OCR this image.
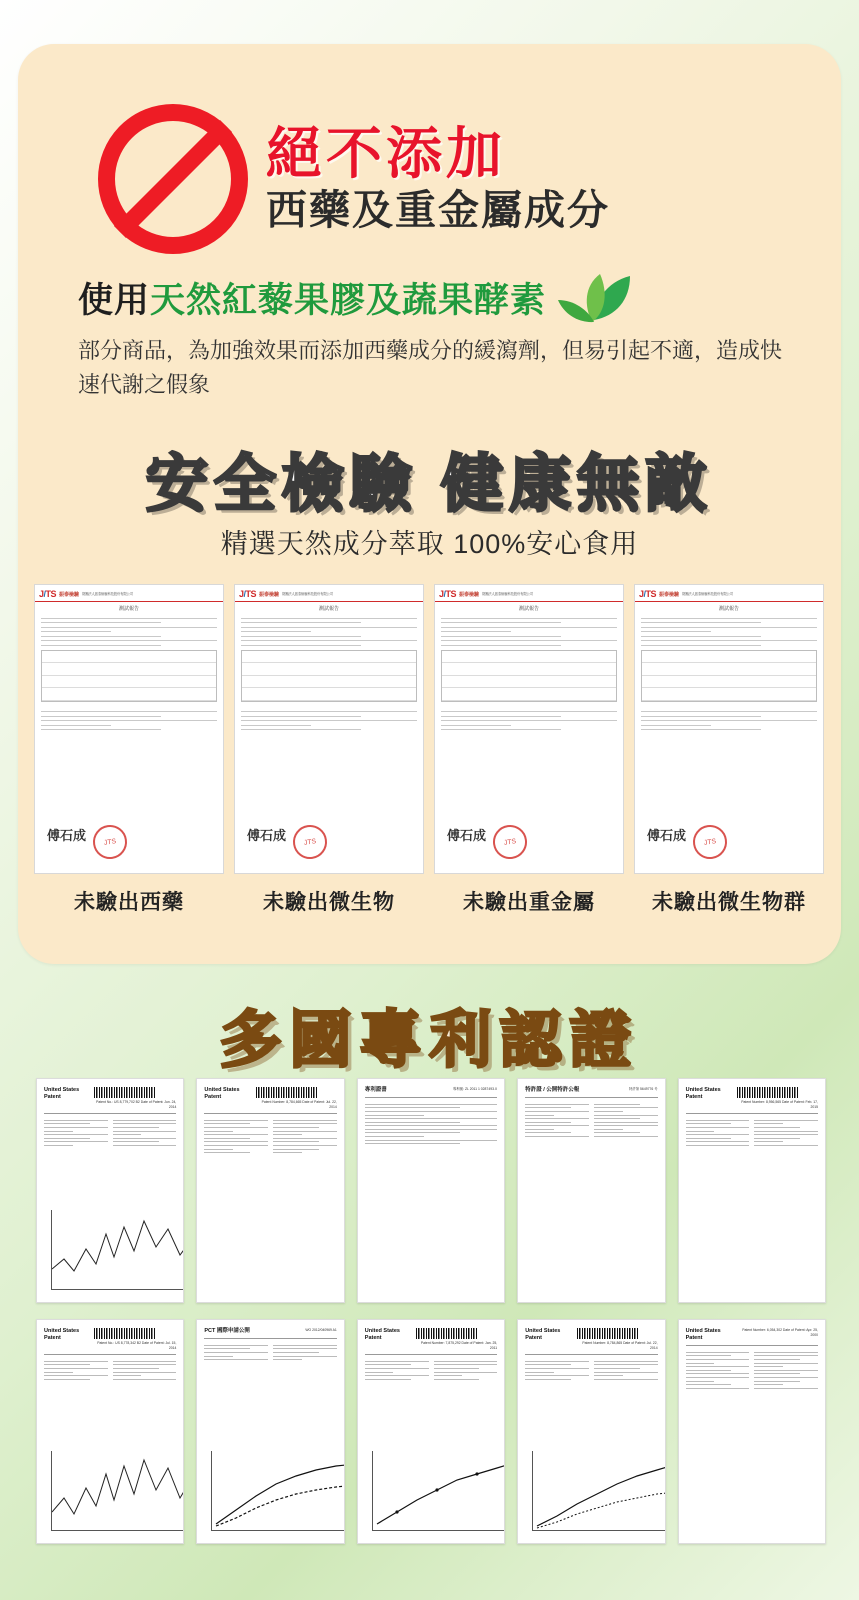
絕不添加
西藥及重金屬成分
使用 天然紅藜果膠及蔬果酵素
部分商品，為加強效果而添加西藥成分的緩瀉劑，但易引起不適，造成快速代謝之假象
安全檢驗 健康無敵
精選天然成分萃取 100%安心食用
J/TS 振泰檢驗 財團法人振泰檢驗科技股份有限公司
測試報告
傅石成	JTS
未驗出西藥
J/TS 振泰檢驗 財團法人振泰檢驗科技股份有限公司
測試報告
傅石成	JTS
未驗出微生物
J/TS 振泰檢驗 財團法人振泰檢驗科技股份有限公司
測試報告
傅石成	JTS
未驗出重金屬
J/TS 振泰檢驗 財團法人振泰檢驗科技股份有限公司
測試報告
傅石成	JTS
未驗出微生物群
多國專利認證
United States Patent
Patent No.: US 8,779,702 B2 Date of Patent: Jun. 24, 2014
United States Patent
Patent Number: 8,784,665 Date of Patent: Jul. 22, 2014
專利證書	專利號: ZL 2011 1 0287493.X	特許證 / 公開特許公報	特許第 5649776 号	United States Patent
Patent Number: 8,956,565 Date of Patent: Feb. 17, 2015
United States Patent
Patent No.: US 8,778,342 B2 Date of Patent: Jul. 15, 2014
PCT 國際申請公開	WO 2012/040969 A1	United States Patent
Patent Number: 7,875,292 Date of Patent: Jan. 25, 2011
United States Patent
Patent Number: 8,784,865 Date of Patent: Jul. 22, 2014
United States Patent
Patent Number: 6,054,302 Date of Patent: Apr. 25, 2000
